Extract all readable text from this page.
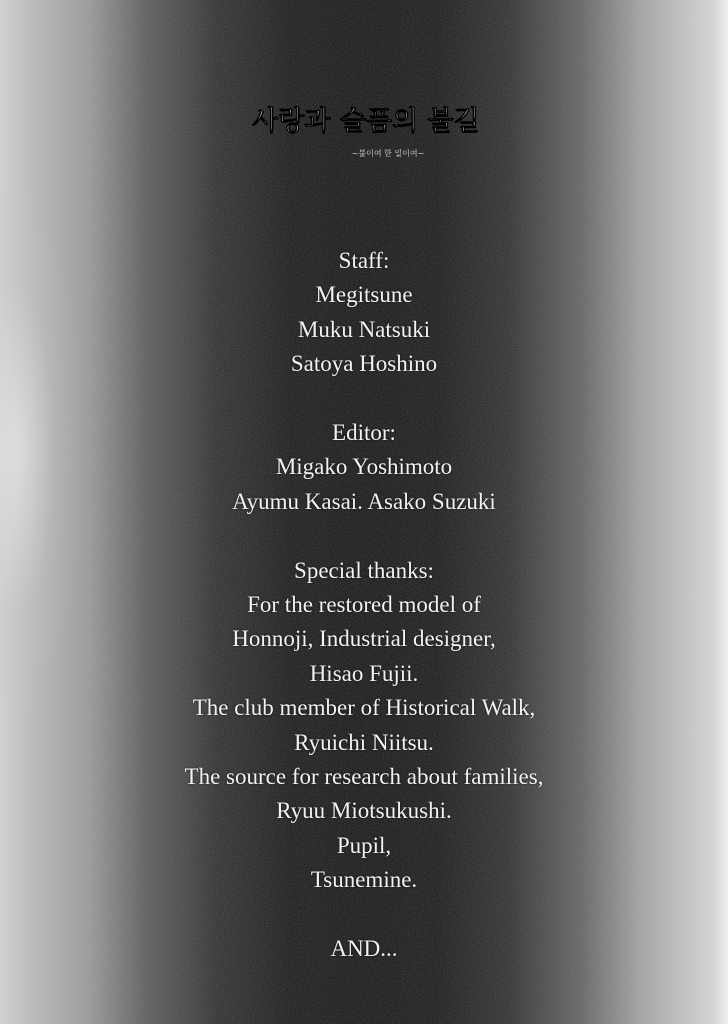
사랑과 슬픔의 불길
~불이여 한 일이여~
Staff:
Megitsune
Muku Natsuki
Satoya Hoshino
Editor:
Migako Yoshimoto
Ayumu Kasai. Asako Suzuki
Special thanks:
For the restored model of
Honnoji, Industrial designer,
Hisao Fujii.
The club member of Historical Walk,
Ryuichi Niitsu.
The source for research about families,
Ryuu Miotsukushi.
Pupil,
Tsunemine.
AND...
